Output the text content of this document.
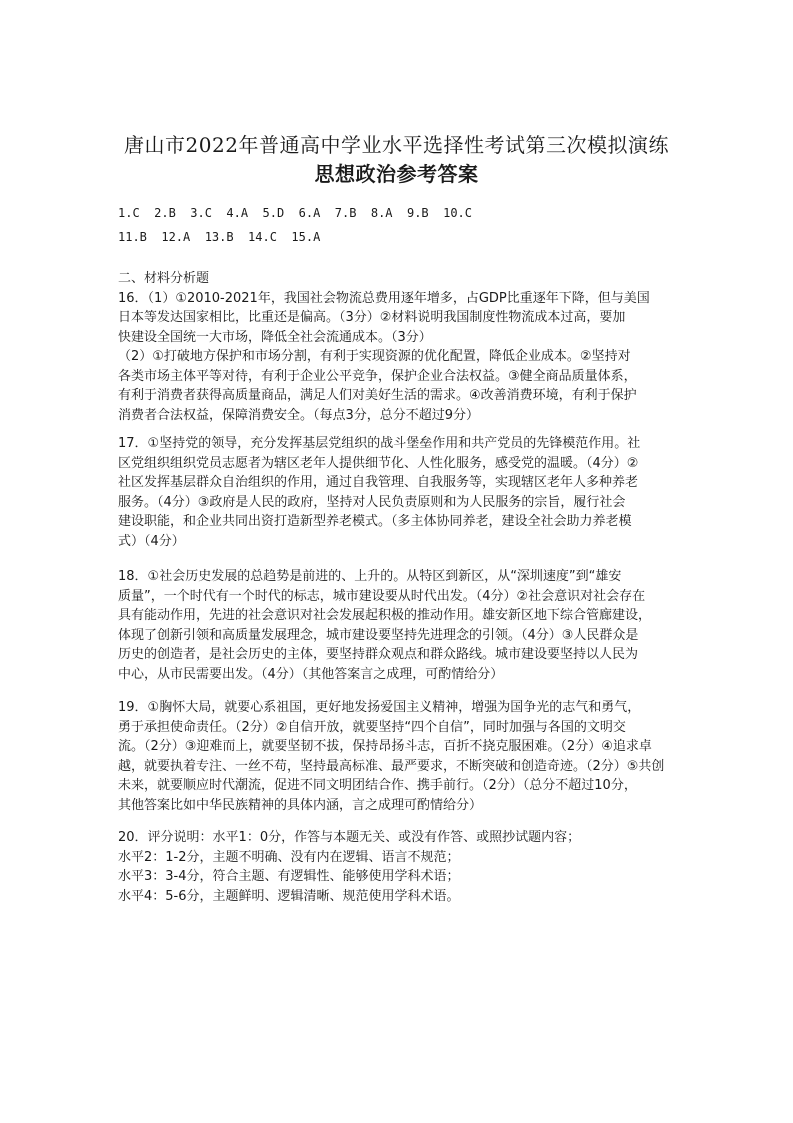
唐山市2022年普通高中学业水平选择性考试第三次模拟演练
思想政治参考答案
1.C  2.B  3.C  4.A  5.D  6.A  7.B  8.A  9.B  10.C
11.B  12.A  13.B  14.C  15.A

二、材料分析题

16．（1）①2010-2021年，我国社会物流总费用逐年增多，占GDP比重逐年下降，但与美国

日本等发达国家相比，比重还是偏高。（3分）②材料说明我国制度性物流成本过高，要加

快建设全国统一大市场，降低全社会流通成本。（3分）

（2）①打破地方保护和市场分割，有利于实现资源的优化配置，降低企业成本。②坚持对

各类市场主体平等对待，有利于企业公平竞争，保护企业合法权益。③健全商品质量体系，

有利于消费者获得高质量商品，满足人们对美好生活的需求。④改善消费环境，有利于保护

消费者合法权益，保障消费安全。（每点3分，总分不超过9分）

17．①坚持党的领导，充分发挥基层党组织的战斗堡垒作用和共产党员的先锋模范作用。社

区党组织组织党员志愿者为辖区老年人提供细节化、人性化服务，感受党的温暖。（4分）②

社区发挥基层群众自治组织的作用，通过自我管理、自我服务等，实现辖区老年人多种养老

服务。（4分）③政府是人民的政府，坚持对人民负责原则和为人民服务的宗旨，履行社会

建设职能，和企业共同出资打造新型养老模式。（多主体协同养老，建设全社会助力养老模

式）（4分）

18．①社会历史发展的总趋势是前进的、上升的。从特区到新区，从“深圳速度”到“雄安

质量”，一个时代有一个时代的标志，城市建设要从时代出发。（4分）②社会意识对社会存在

具有能动作用，先进的社会意识对社会发展起积极的推动作用。雄安新区地下综合管廊建设，

体现了创新引领和高质量发展理念，城市建设要坚持先进理念的引领。（4分）③人民群众是

历史的创造者，是社会历史的主体，要坚持群众观点和群众路线。城市建设要坚持以人民为

中心，从市民需要出发。（4分）（其他答案言之成理，可酌情给分）

19．①胸怀大局，就要心系祖国，更好地发扬爱国主义精神，增强为国争光的志气和勇气，

勇于承担使命责任。（2分）②自信开放，就要坚持“四个自信”，同时加强与各国的文明交

流。（2分）③迎难而上，就要坚韧不拔，保持昂扬斗志，百折不挠克服困难。（2分）④追求卓

越，就要执着专注、一丝不苟，坚持最高标准、最严要求，不断突破和创造奇迹。（2分）⑤共创

未来，就要顺应时代潮流，促进不同文明团结合作、携手前行。（2分）（总分不超过10分，

其他答案比如中华民族精神的具体内涵，言之成理可酌情给分）

20．评分说明：水平1：0分，作答与本题无关、或没有作答、或照抄试题内容；

水平2：1-2分，主题不明确、没有内在逻辑、语言不规范；

水平3：3-4分，符合主题、有逻辑性、能够使用学科术语；

水平4：5-6分，主题鲜明、逻辑清晰、规范使用学科术语。
